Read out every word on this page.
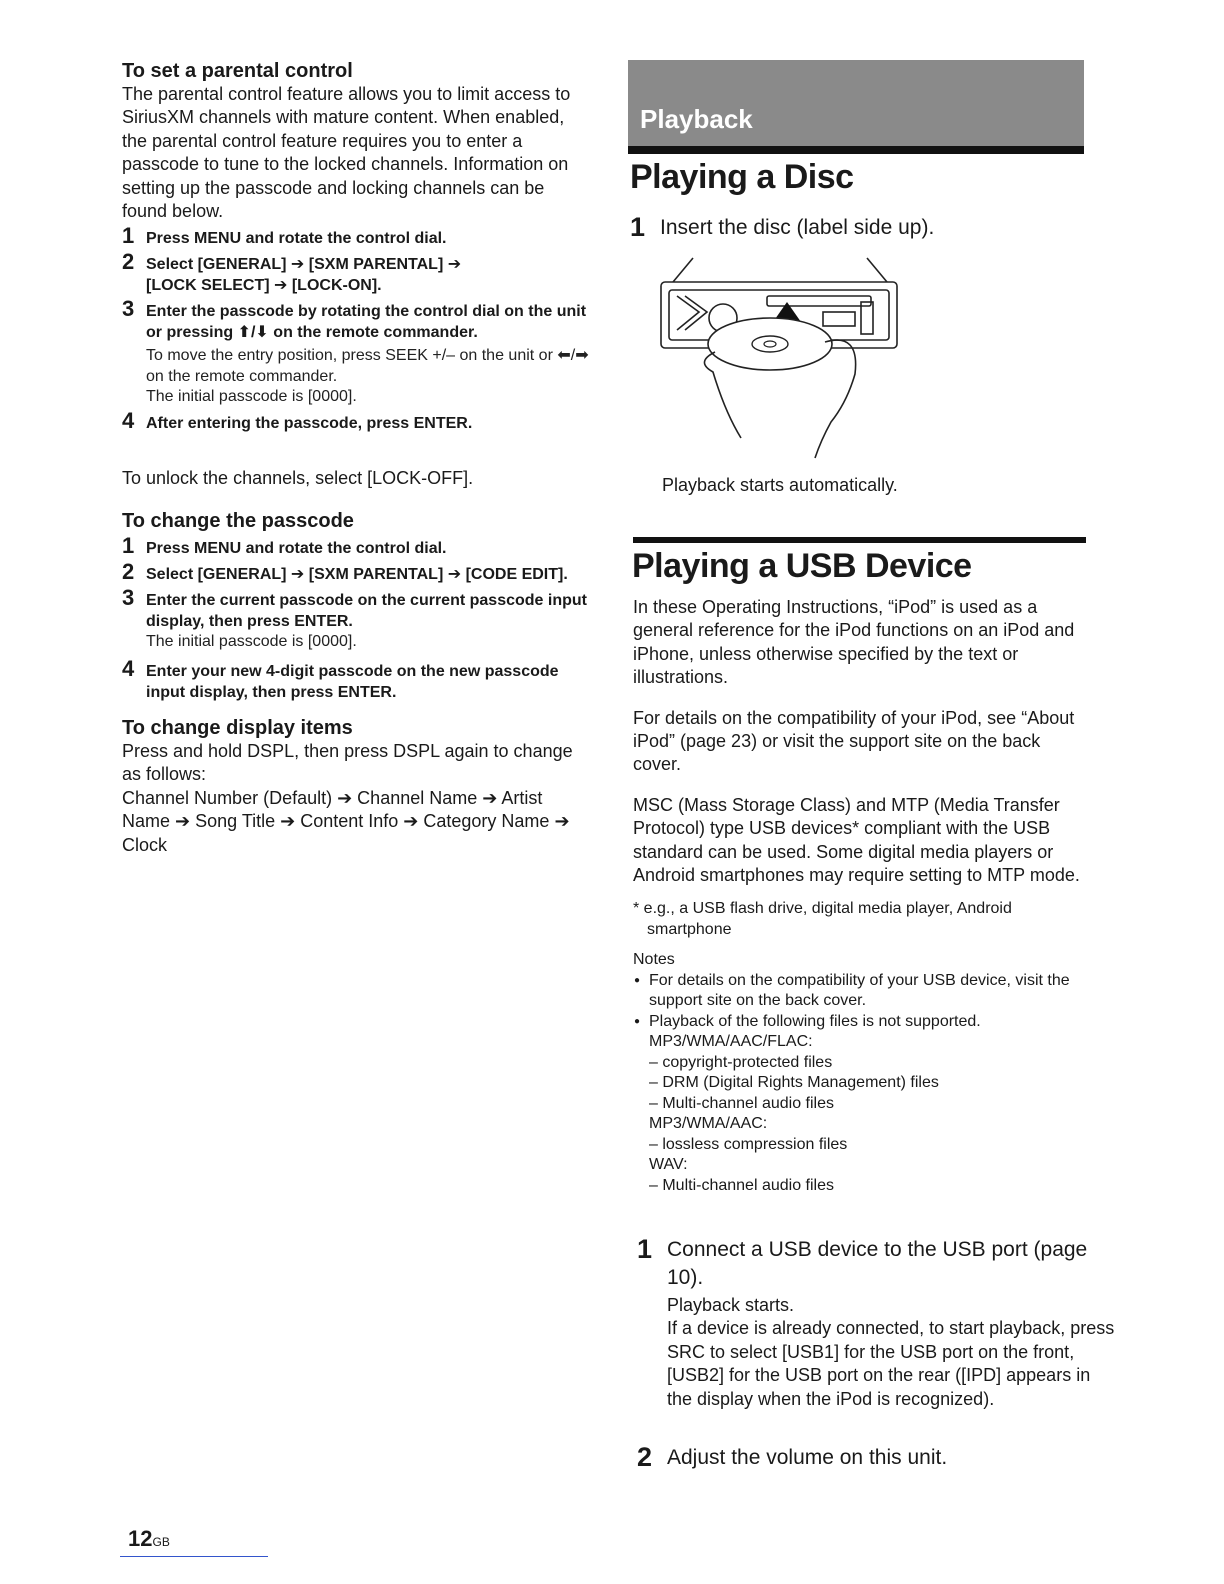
To set a parental control

The parental control feature allows you to limit access to SiriusXM channels with mature content. When enabled, the parental control feature requires you to enter a passcode to tune to the locked channels. Information on setting up the passcode and locking channels can be found below.

1 Press MENU and rotate the control dial.
2 Select [GENERAL] ➔ [SXM PARENTAL] ➔
[LOCK SELECT] ➔ [LOCK-ON].
3 Enter the passcode by rotating the control dial on the unit or pressing ⬆/⬇ on the remote commander.
To move the entry position, press SEEK +/– on the unit or ⬅/➡ on the remote commander.
The initial passcode is [0000].
4 After entering the passcode, press ENTER.

To unlock the channels, select [LOCK-OFF].

To change the passcode
1 Press MENU and rotate the control dial.
2 Select [GENERAL] ➔ [SXM PARENTAL] ➔ [CODE EDIT].
3 Enter the current passcode on the current passcode input display, then press ENTER.
The initial passcode is [0000].
4 Enter your new 4-digit passcode on the new passcode input display, then press ENTER.
To change display items

Press and hold DSPL, then press DSPL again to change as follows:

Channel Number (Default) ➔ Channel Name ➔ Artist Name ➔ Song Title ➔ Content Info ➔ Category Name ➔ Clock

Playback
Playing a Disc
1 Insert the disc (label side up).

Playback starts automatically.

Playing a USB Device

In these Operating Instructions, “iPod” is used as a general reference for the iPod functions on an iPod and iPhone, unless otherwise specified by the text or illustrations.

For details on the compatibility of your iPod, see “About iPod” (page 23) or visit the support site on the back cover.

MSC (Mass Storage Class) and MTP (Media Transfer Protocol) type USB devices* compliant with the USB standard can be used. Some digital media players or Android smartphones may require setting to MTP mode.

* e.g., a USB flash drive, digital media player, Android smartphone
Notes
● For details on the compatibility of your USB device, visit the support site on the back cover.
● Playback of the following files is not supported.
MP3/WMA/AAC/FLAC:
– copyright-protected files
– DRM (Digital Rights Management) files
– Multi-channel audio files
MP3/WMA/AAC:
– lossless compression files
WAV:
– Multi-channel audio files
1 Connect a USB device to the USB port (page 10).
Playback starts.
If a device is already connected, to start playback, press SRC to select [USB1] for the USB port on the front, [USB2] for the USB port on the rear ([IPD] appears in the display when the iPod is recognized).
2 Adjust the volume on this unit.
12GB
